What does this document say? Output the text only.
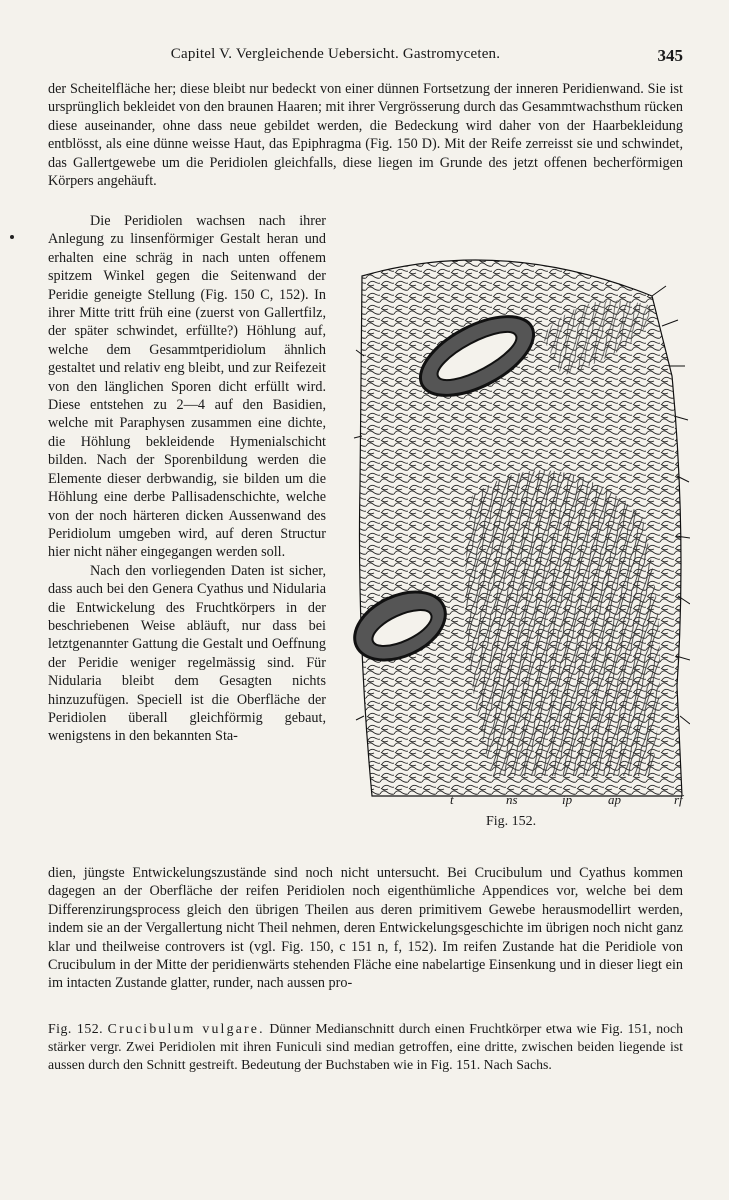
Capitel V. Vergleichende Uebersicht. Gastromyceten.	345

der Scheitelfläche her; diese bleibt nur bedeckt von einer dünnen Fortsetzung der inneren Peridienwand. Sie ist ursprünglich bekleidet von den braunen Haaren; mit ihrer Vergrösserung durch das Gesammtwachsthum rücken diese auseinander, ohne dass neue gebildet werden, die Bedeckung wird daher von der Haarbekleidung entblösst, als eine dünne weisse Haut, das Epiphragma (Fig. 150 D). Mit der Reife zerreisst sie und schwindet, das Gallertgewebe um die Peridiolen gleichfalls, diese liegen im Grunde des jetzt offenen becherförmigen Körpers angehäuft.

Die Peridiolen wachsen nach ihrer Anlegung zu linsenförmiger Gestalt heran und erhalten eine schräg in nach unten offenem spitzem Winkel gegen die Seitenwand der Peridie geneigte Stellung (Fig. 150 C, 152). In ihrer Mitte tritt früh eine (zuerst von Gallertfilz, der später schwindet, erfüllte?) Höhlung auf, welche dem Gesammtperidiolum ähnlich gestaltet und relativ eng bleibt, und zur Reifezeit von den länglichen Sporen dicht erfüllt wird. Diese entstehen zu 2—4 auf den Basidien, welche mit Paraphysen zusammen eine dichte, die Höhlung bekleidende Hymenialschicht bilden. Nach der Sporenbildung werden die Elemente dieser derbwandig, sie bilden um die Höhlung eine derbe Pallisadenschichte, welche von der noch härteren dicken Aussenwand des Peridiolum umgeben wird, auf deren Structur hier nicht näher eingegangen werden soll.

Nach den vorliegenden Daten ist sicher, dass auch bei den Genera Cyathus und Nidularia die Entwickelung des Fruchtkörpers in der beschriebenen Weise abläuft, nur dass bei letztgenannter Gattung die Gestalt und Oeffnung der Peridie weniger regelmässig sind. Für Nidularia bleibt dem Gesagten nichts hinzuzufügen. Speciell ist die Oberfläche der Peridiolen überall gleichförmig gebaut, wenigstens in den bekannten Sta-

t	ns	ip	ap	rf
Fig. 152.

dien, jüngste Entwickelungszustände sind noch nicht untersucht. Bei Crucibulum und Cyathus kommen dagegen an der Oberfläche der reifen Peridiolen noch eigenthümliche Appendices vor, welche bei dem Differenzirungsprocess gleich den übrigen Theilen aus deren primitivem Gewebe herausmodellirt werden, indem sie an der Vergallertung nicht Theil nehmen, deren Entwickelungsgeschichte im übrigen noch nicht ganz klar und theilweise controvers ist (vgl. Fig. 150, c 151 n, f, 152). Im reifen Zustande hat die Peridiole von Crucibulum in der Mitte der peridienwärts stehenden Fläche eine nabelartige Einsenkung und in dieser liegt ein im intacten Zustande glatter, runder, nach aussen pro-

Fig. 152. Crucibulum vulgare. Dünner Medianschnitt durch einen Fruchtkörper etwa wie Fig. 151, noch stärker vergr. Zwei Peridiolen mit ihren Funiculi sind median getroffen, eine dritte, zwischen beiden liegende ist aussen durch den Schnitt gestreift. Bedeutung der Buchstaben wie in Fig. 151. Nach Sachs.
